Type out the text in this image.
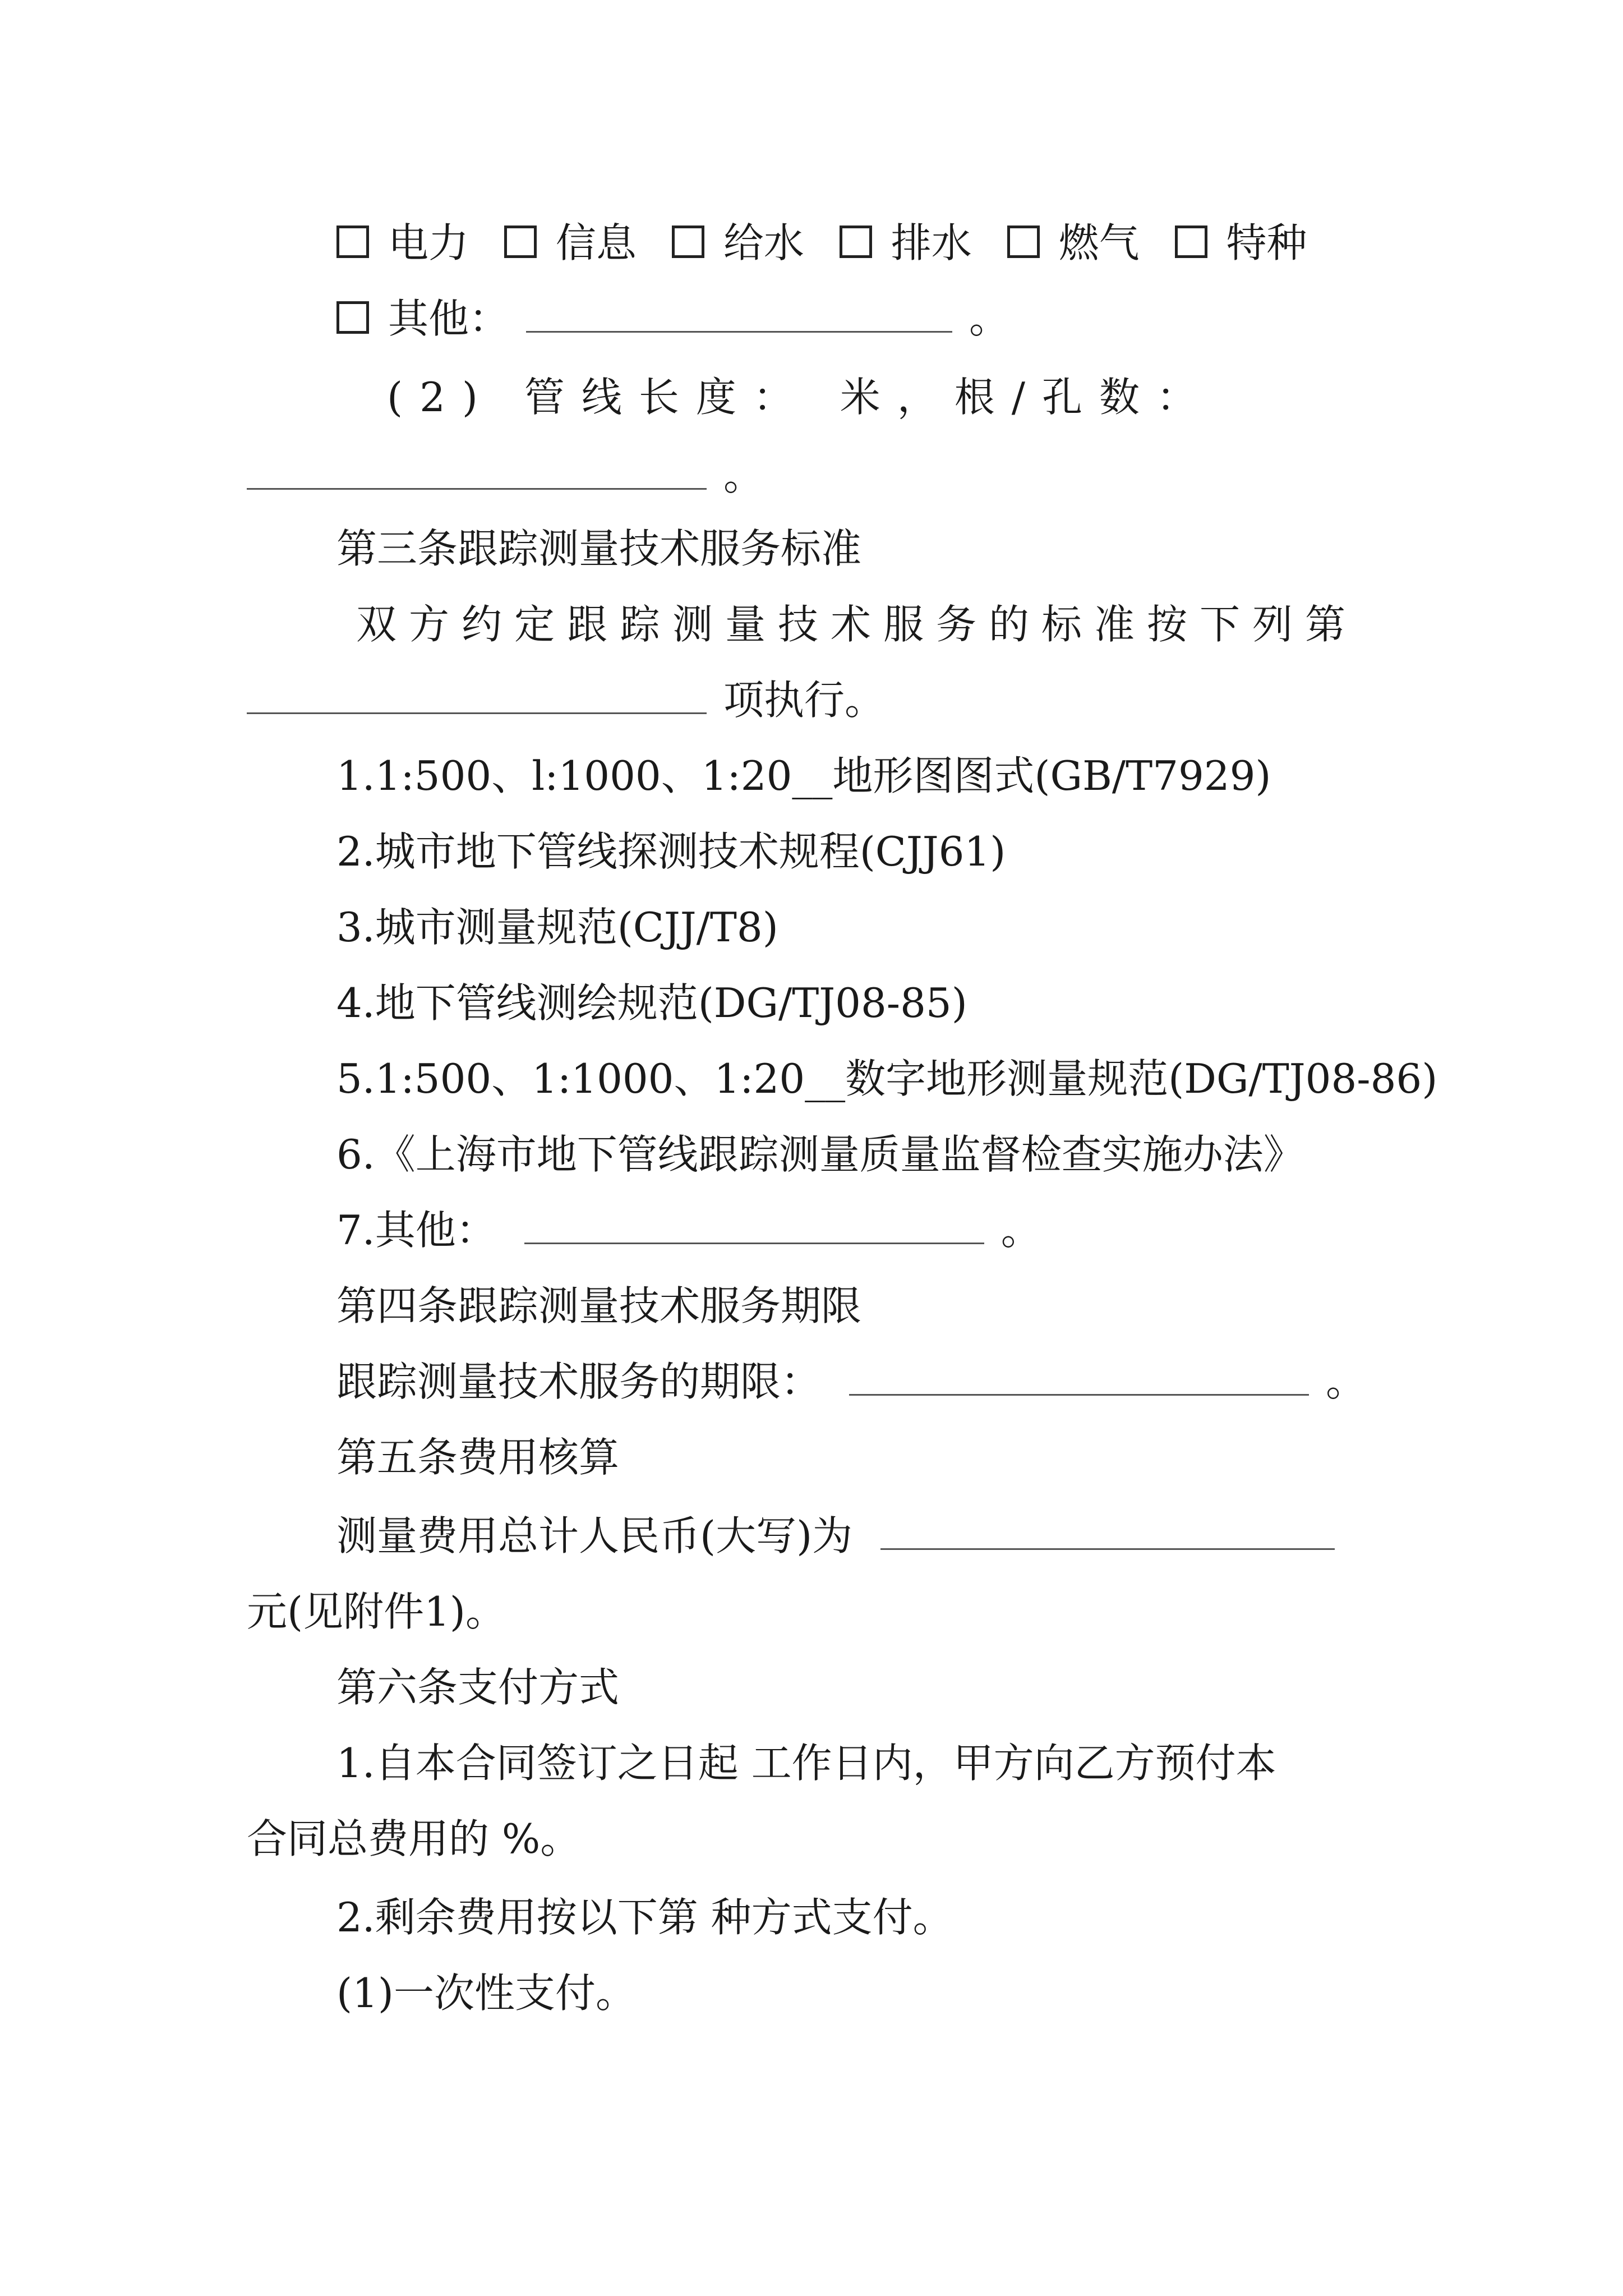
电力 信息 给水 排水 燃气 特种
其他：	。
(2) 管线长度： 米，根/孔数：
。
第三条跟踪测量技术服务标准
双方约定跟踪测量技术服务的标准按下列第
项执行。
1.1:500、l:1000、1:20__地形图图式(GB/T7929)
2.城市地下管线探测技术规程(CJJ61)
3.城市测量规范(CJJ/T8)
4.地下管线测绘规范(DG/TJ08-85)
5.1:500、1:1000、1:20__数字地形测量规范(DG/TJ08-86)
6.《上海市地下管线跟踪测量质量监督检查实施办法》
7.其他：	。
第四条跟踪测量技术服务期限
跟踪测量技术服务的期限：	。
第五条费用核算
测量费用总计人民币(大写)为
元(见附件1)。
第六条支付方式
1.自本合同签订之日起 工作日内，甲方向乙方预付本
合同总费用的 %。
2.剩余费用按以下第 种方式支付。
(1)一次性支付。
